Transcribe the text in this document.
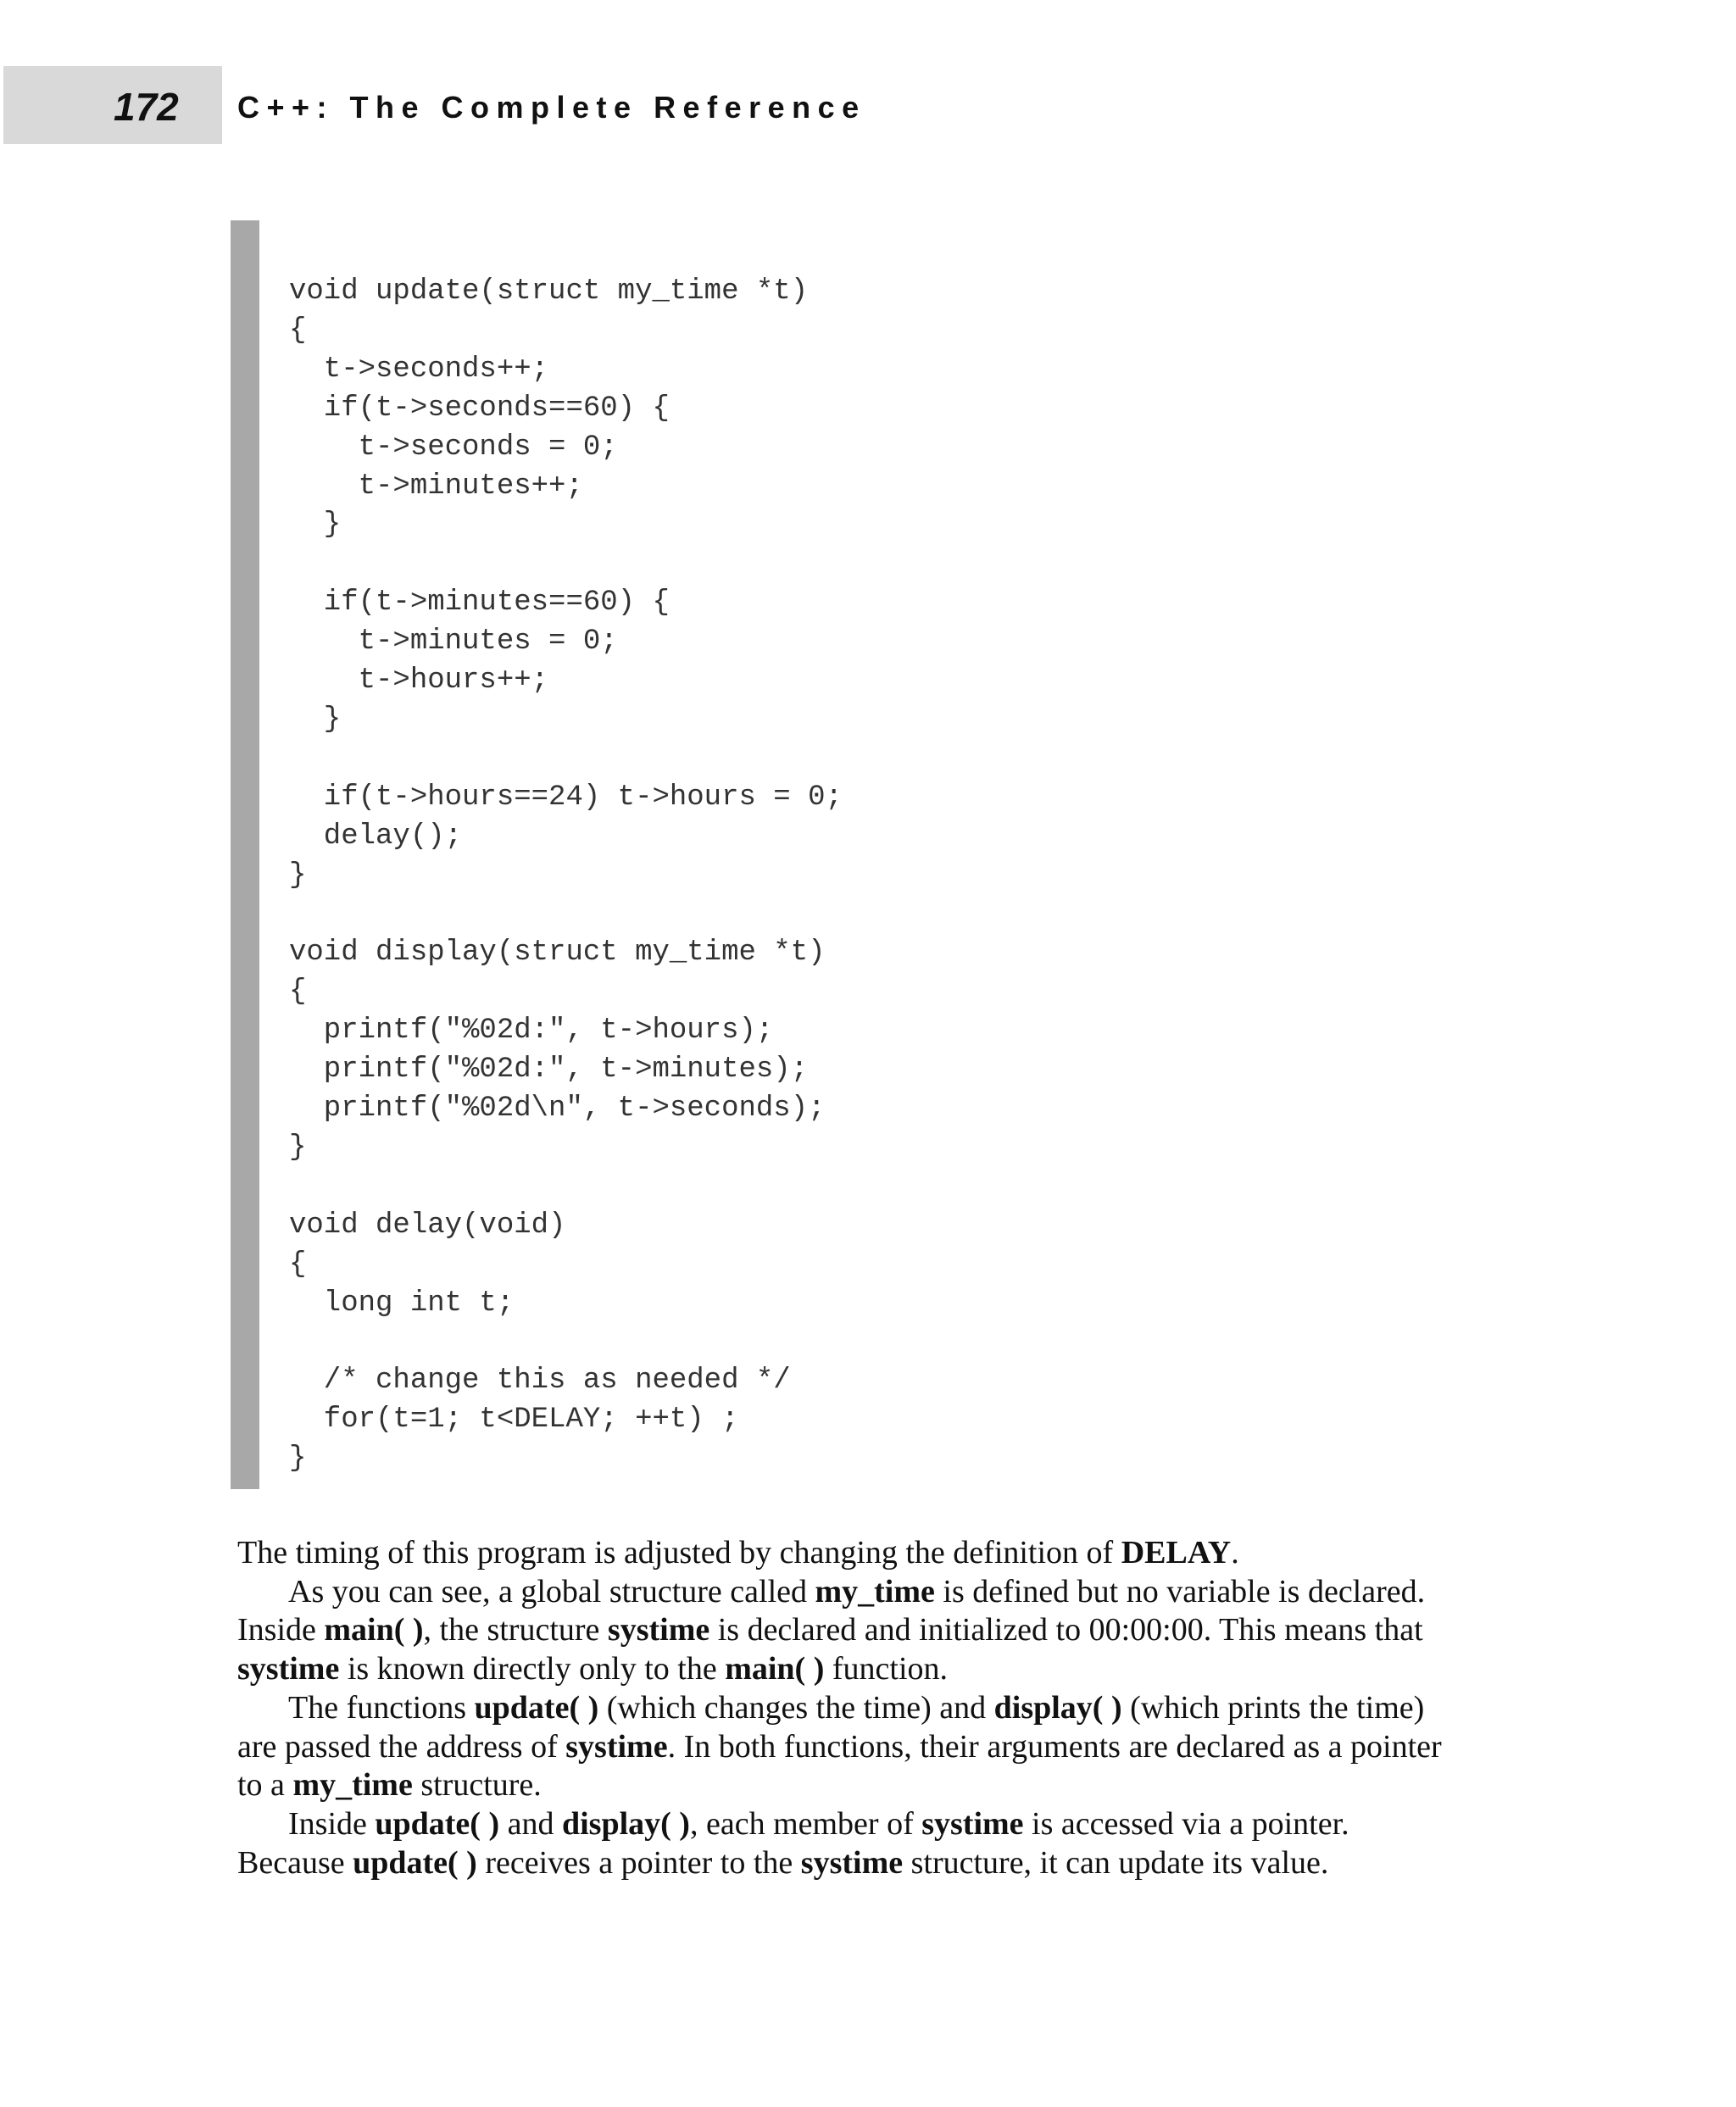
172 C++: The Complete Reference
void update(struct my_time *t)
{
t->seconds++;
if(t->seconds==60) {
t->seconds = 0;
t->minutes++;
}

if(t->minutes==60) {
t->minutes = 0;
t->hours++;
}

if(t->hours==24) t->hours = 0;
delay();
}

void display(struct my_time *t)
{
printf("%02d:", t->hours);
printf("%02d:", t->minutes);
printf("%02d\n", t->seconds);
}

void delay(void)
{
long int t;

/* change this as needed */
for(t=1; t<DELAY; ++t) ;
}

The timing of this program is adjusted by changing the definition of DELAY.

As you can see, a global structure called my_time is defined but no variable is declared. Inside main( ), the structure systime is declared and initialized to 00:00:00. This means that systime is known directly only to the main( ) function.

The functions update( ) (which changes the time) and display( ) (which prints the time) are passed the address of systime. In both functions, their arguments are declared as a pointer to a my_time structure.

Inside update( ) and display( ), each member of systime is accessed via a pointer. Because update( ) receives a pointer to the systime structure, it can update its value.
